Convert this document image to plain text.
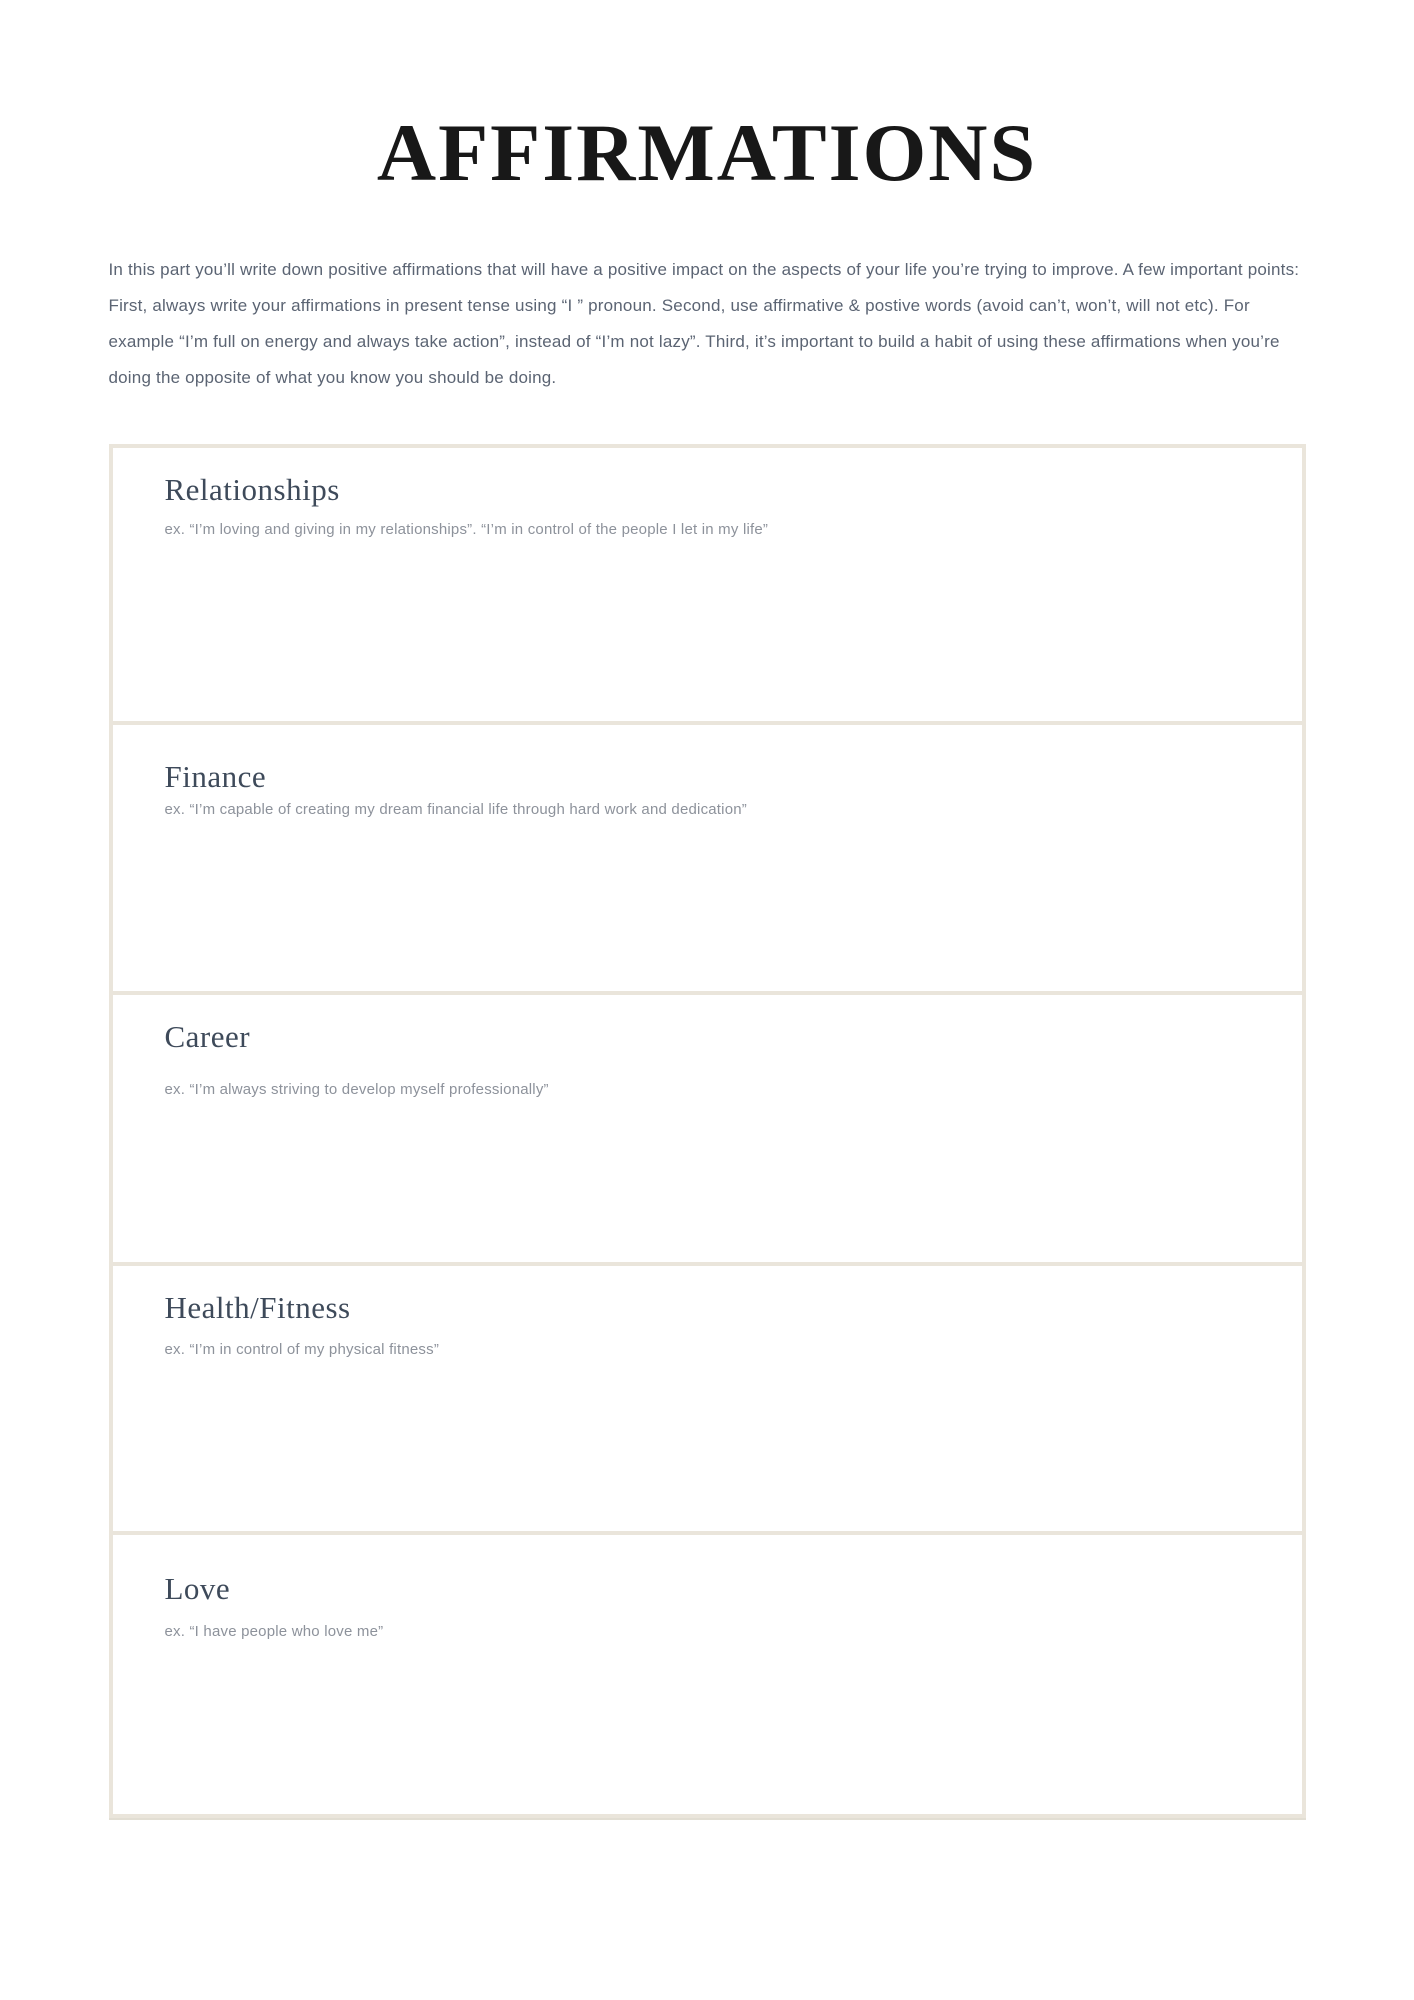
AFFIRMATIONS

In this part you’ll write down positive affirmations that will have a positive impact on the aspects of your life you’re trying to improve. A few important points: First, always write your affirmations in present tense using “I ” pronoun. Second, use affirmative & postive words (avoid can’t, won’t, will not etc). For example “I’m full on energy and always take action”, instead of “I’m not lazy”. Third, it’s important to build a habit of using these affirmations when you’re doing the opposite of what you know you should be doing.

Relationships
ex. “I’m loving and giving in my relationships”. “I’m in control of the people I let in my life”
Finance
ex. “I’m capable of creating my dream financial life through hard work and dedication”
Career
ex. “I’m always striving to develop myself professionally”
Health/Fitness
ex. “I’m in control of my physical fitness”
Love
ex. “I have people who love me”
